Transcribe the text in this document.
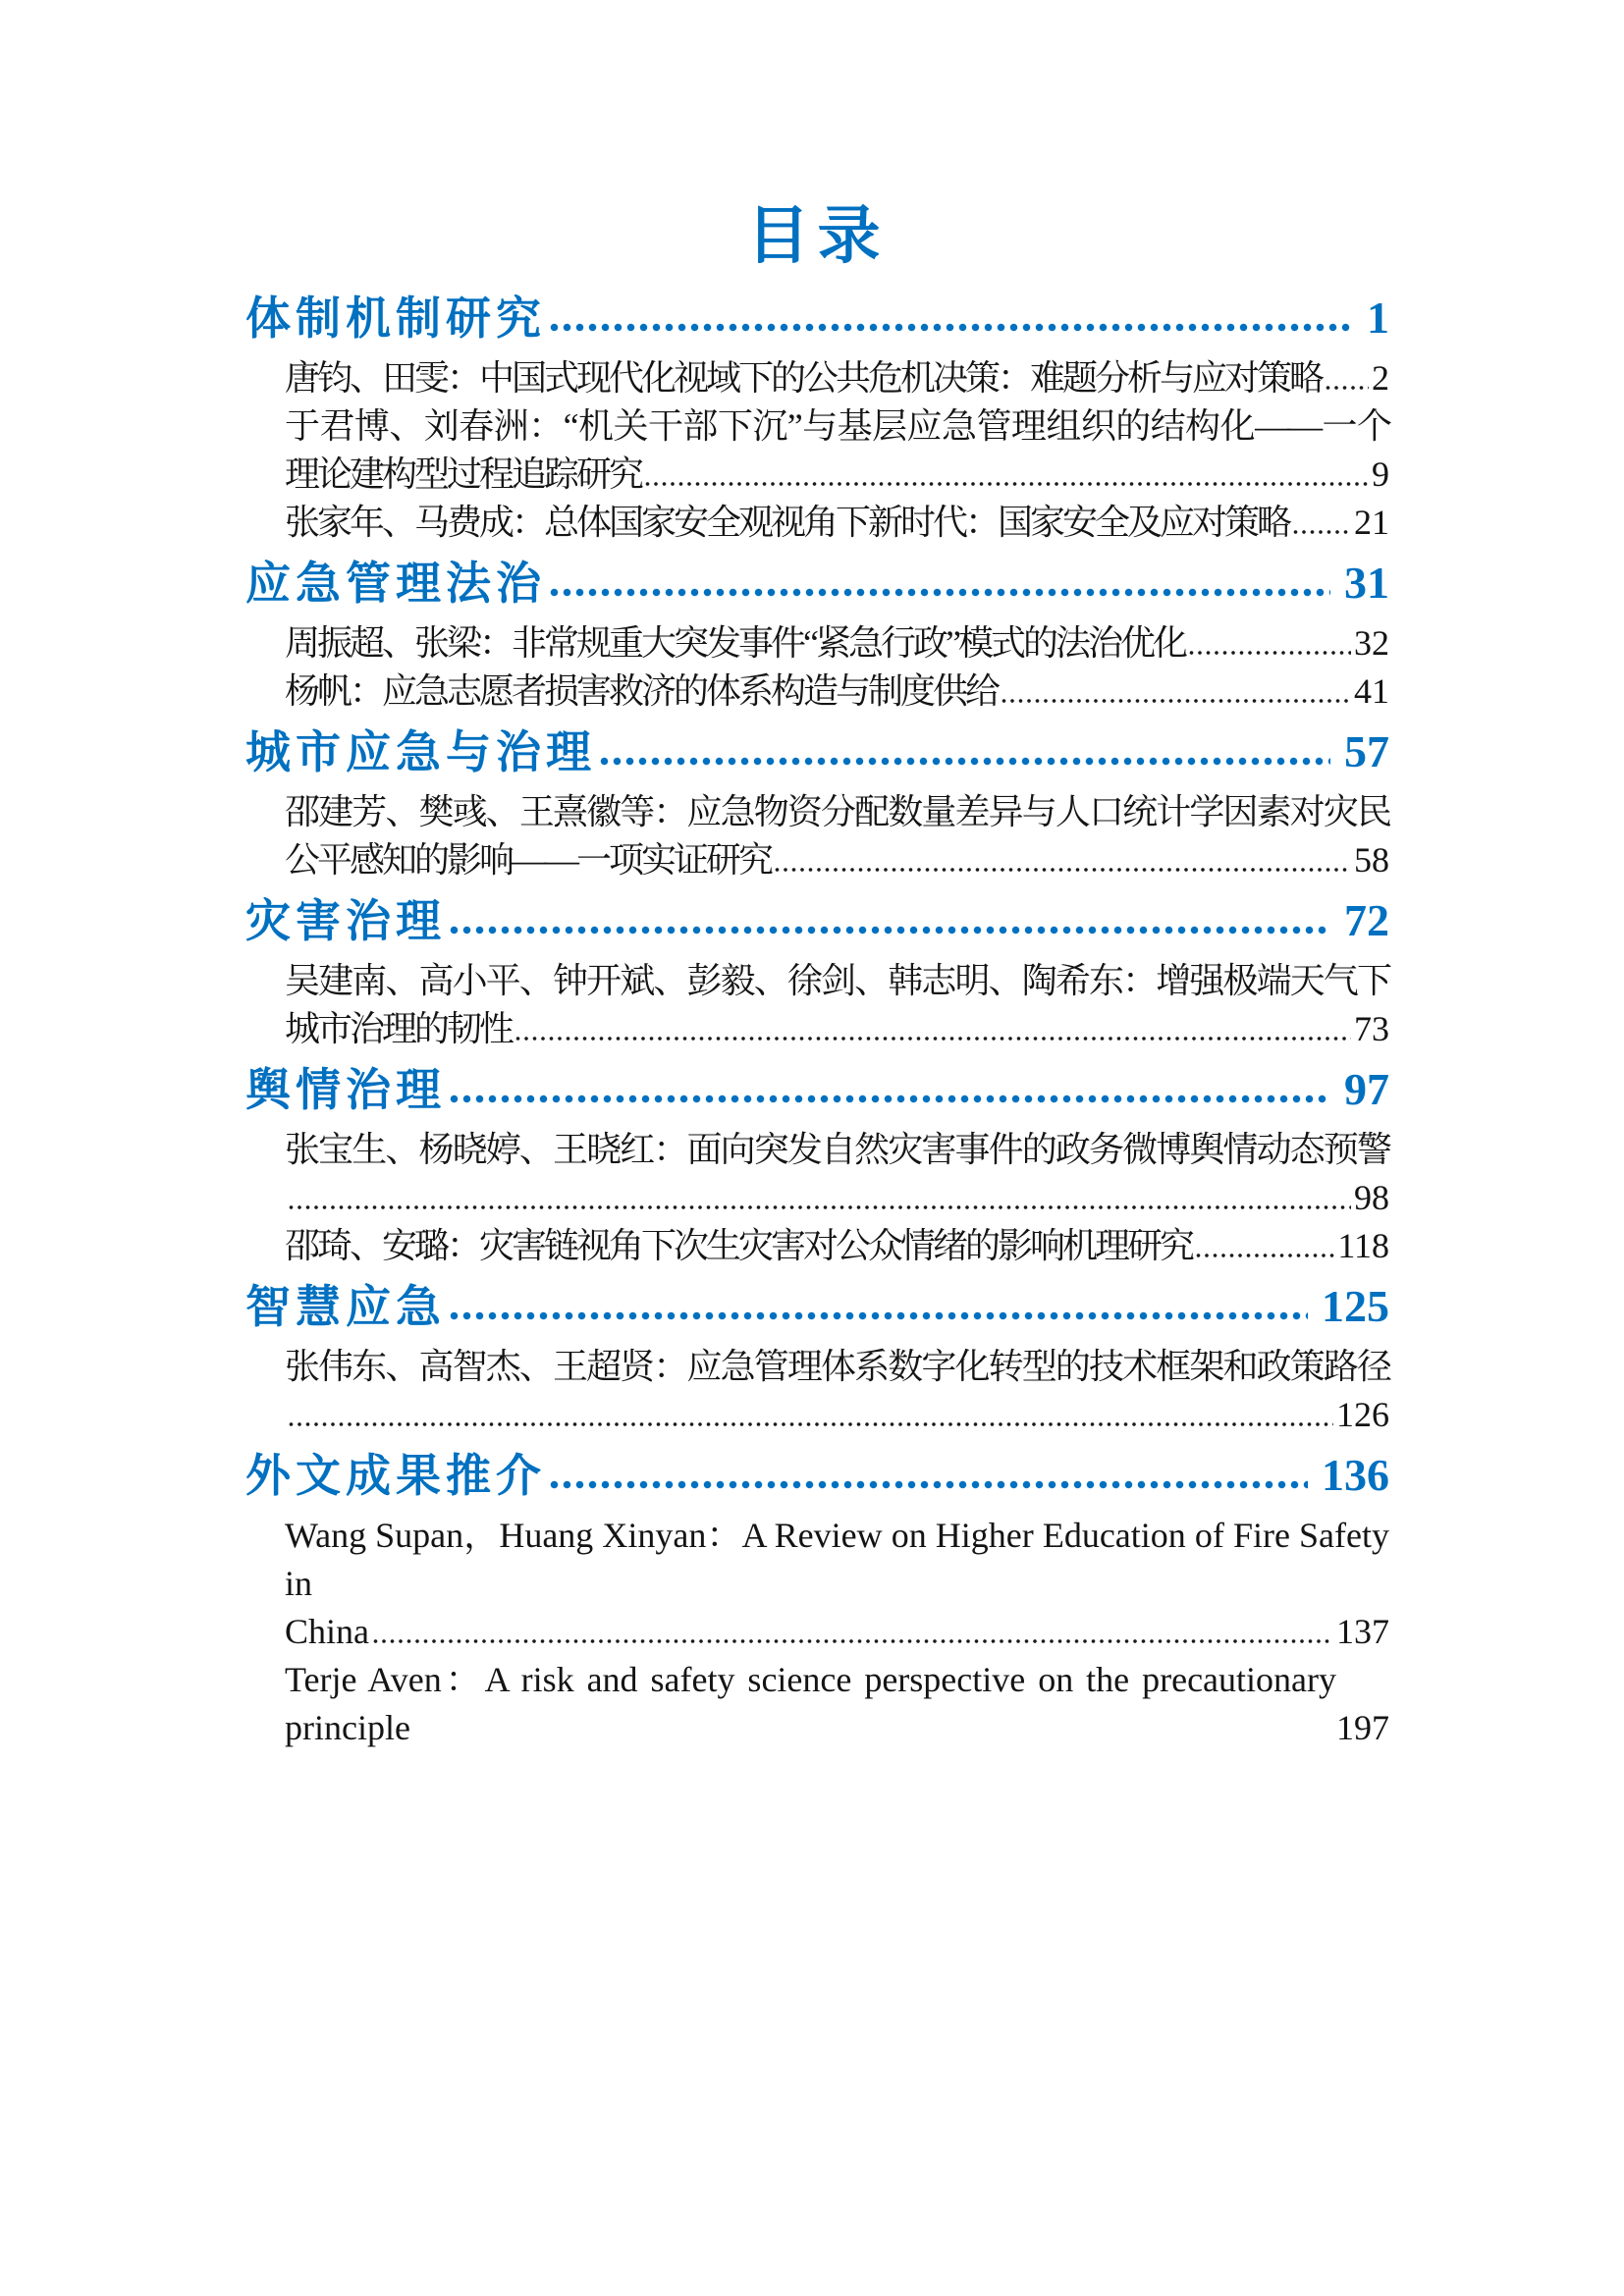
目录
体制机制研究	1
唐钧、田雯：中国式现代化视域下的公共危机决策：难题分析与应对策略 2
于君博、刘春洲：“机关干部下沉”与基层应急管理组织的结构化——一个
理论建构型过程追踪研究	9
张家年、马费成：总体国家安全观视角下新时代：国家安全及应对策略 21
应急管理法治	31
周振超、张梁：非常规重大突发事件“紧急行政”模式的法治优化	32
杨帆：应急志愿者损害救济的体系构造与制度供给	41
城市应急与治理	57
邵建芳、樊彧、王熹徽等：应急物资分配数量差异与人口统计学因素对灾民
公平感知的影响——一项实证研究	58
灾害治理	72
吴建南、高小平、钟开斌、彭毅、徐剑、韩志明、陶希东：增强极端天气下
城市治理的韧性	73
舆情治理	97
张宝生、杨晓婷、王晓红：面向突发自然灾害事件的政务微博舆情动态预警
98
邵琦、安璐：灾害链视角下次生灾害对公众情绪的影响机理研究	118
智慧应急	125
张伟东、高智杰、王超贤：应急管理体系数字化转型的技术框架和政策路径
126
外文成果推介	136
Wang Supan，Huang Xinyan：A Review on Higher Education of Fire Safety in
China	137
Terje Aven：A risk and safety science perspective on the precautionary principle	197
